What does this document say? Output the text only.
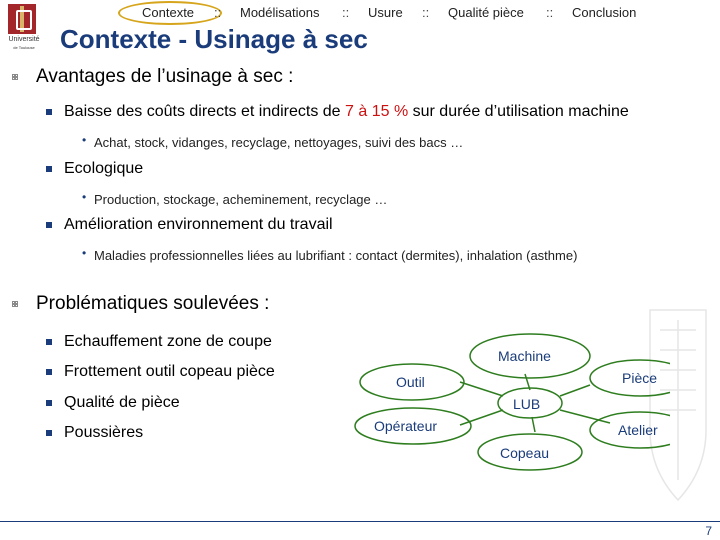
Université
de Toulouse
Contexte :: Modélisations :: Usure :: Qualité pièce :: Conclusion
Contexte - Usinage à sec
Avantages de l’usinage à sec :
Baisse des coûts directs et indirects de 7 à 15 % sur durée d’utilisation machine
• Achat, stock, vidanges, recyclage, nettoyages, suivi des bacs …
Ecologique
• Production, stockage, acheminement, recyclage …
Amélioration environnement du travail
• Maladies professionnelles liées au lubrifiant : contact (dermites), inhalation (asthme)
Problématiques soulevées :
Echauffement zone de coupe
Frottement outil copeau pièce
Qualité de pièce
Poussières
Machine
Outil	Pièce
LUB
Opérateur	Atelier
Copeau
7
